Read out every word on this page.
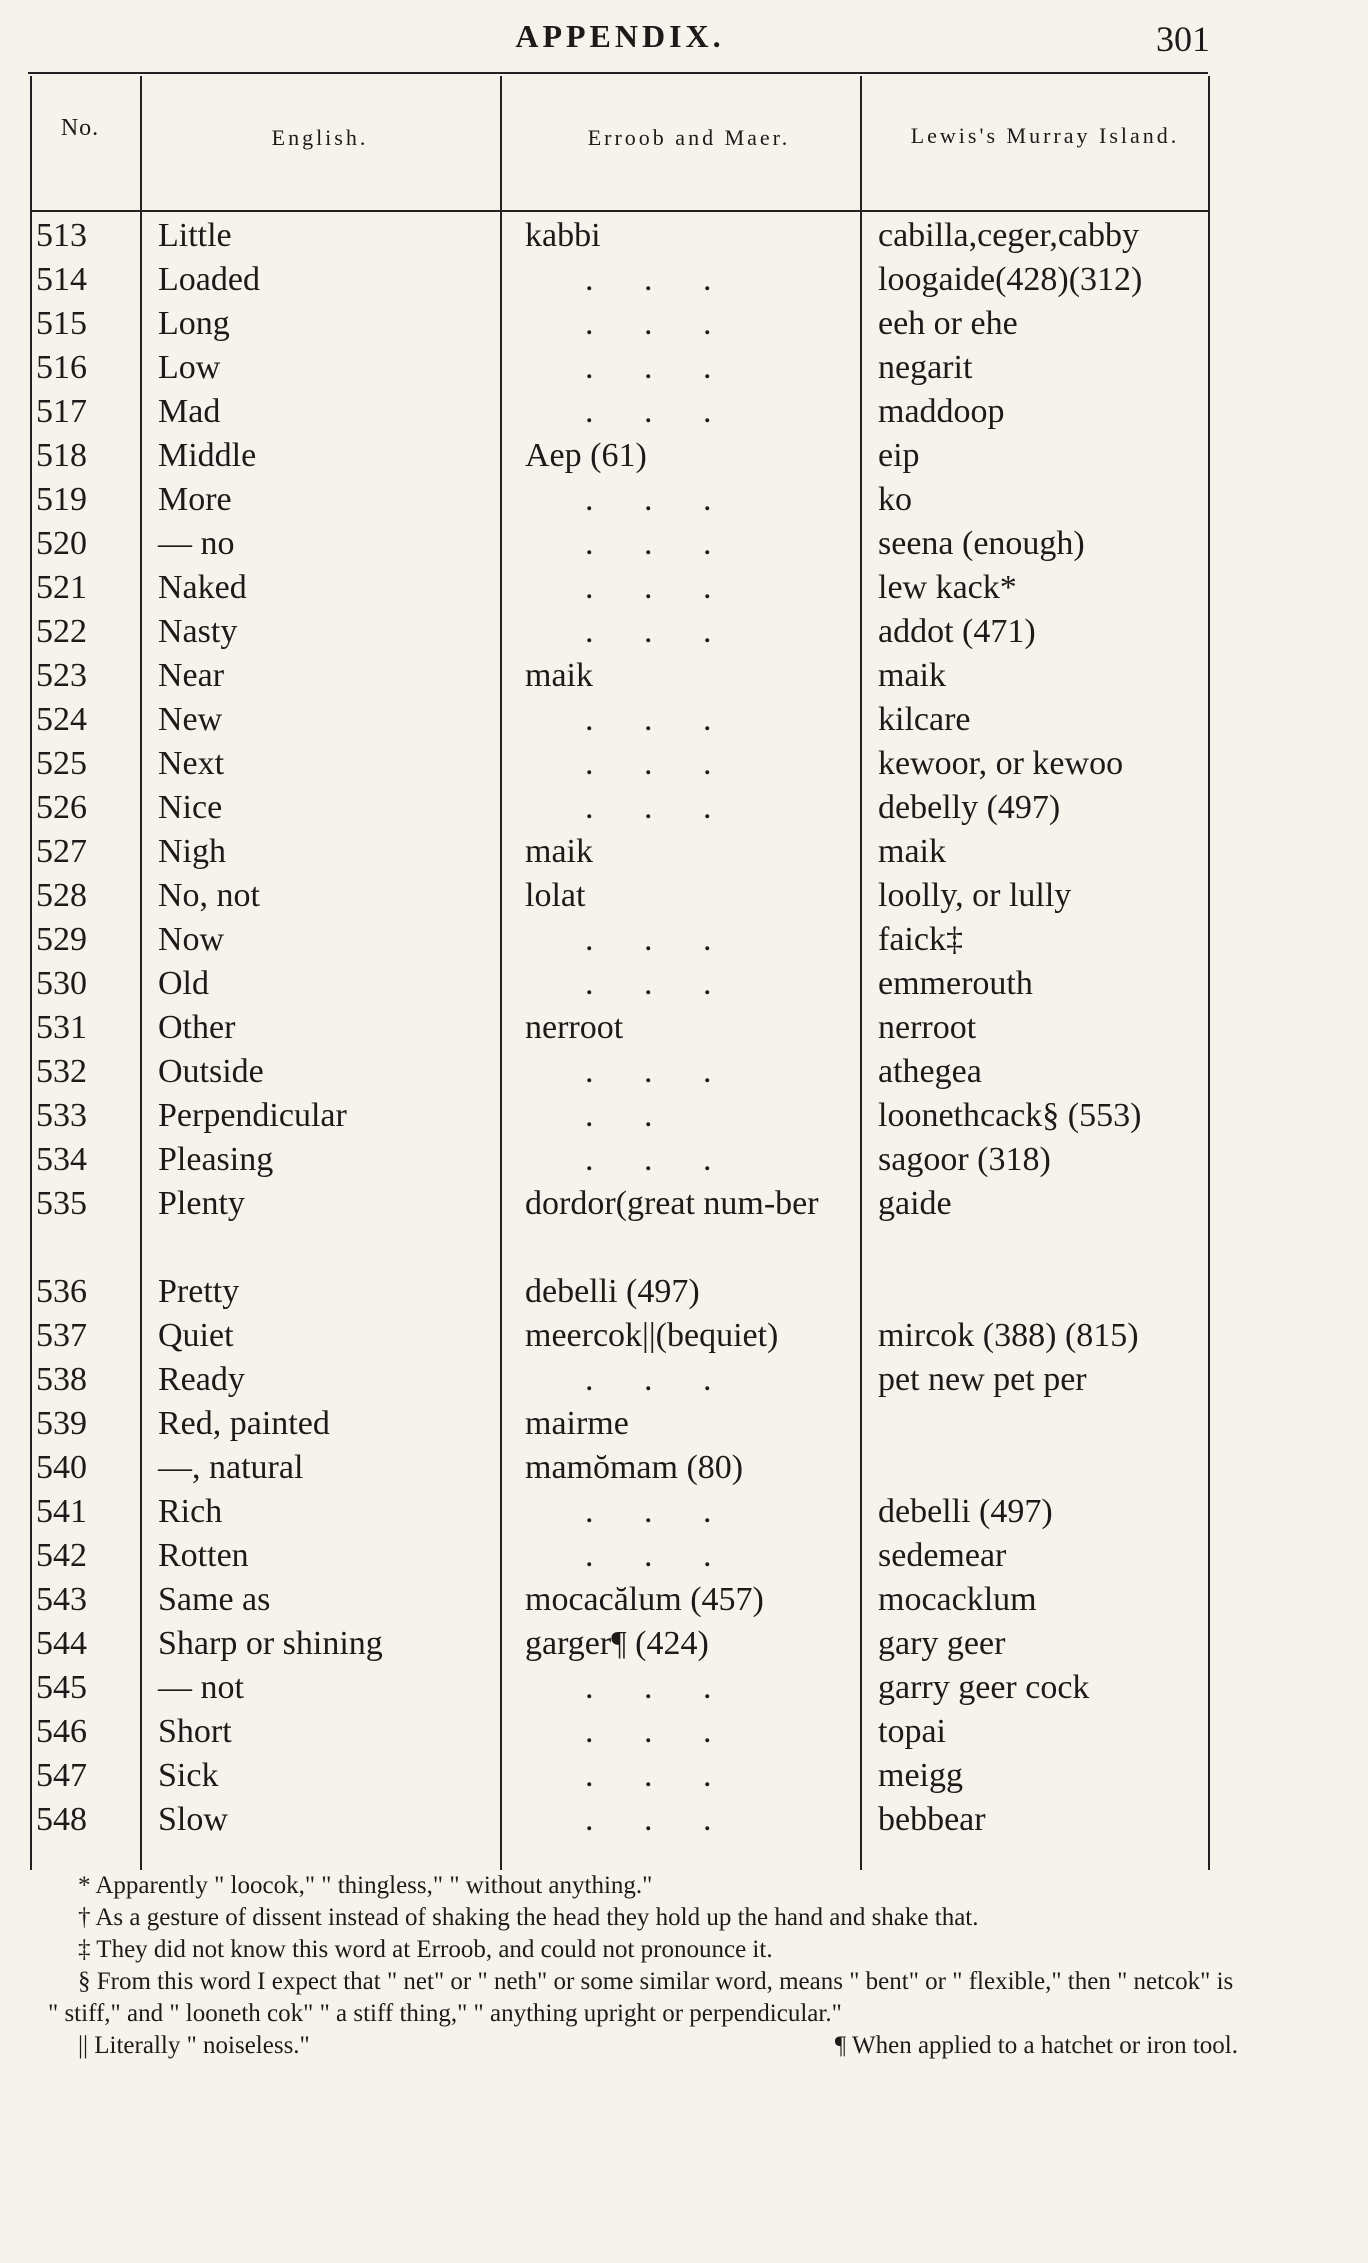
APPENDIX.	301
No.	English.	Erroob and Maer.	Lewis's Murray Island.
513	Little	kabbi	cabilla,ceger,cabby
514	Loaded	. . .	loogaide(428)(312)
515	Long	. . .	eeh or ehe
516	Low	. . .	negarit
517	Mad	. . .	maddoop
518	Middle	Aep (61)	eip
519	More	. . .	ko
520	— no	. . .	seena (enough)
521	Naked	. . .	lew kack*
522	Nasty	. . .	addot (471)
523	Near	maik	maik
524	New	. . .	kilcare
525	Next	. . .	kewoor, or kewoo
526	Nice	. . .	debelly (497)
527	Nigh	maik	maik
528	No, not	lolat	loolly, or lully
529	Now	. . .	faick‡
530	Old	. . .	emmerouth
531	Other	nerroot	nerroot
532	Outside	. . .	athegea
533	Perpendicular	. .	loonethcack§ (553)
534	Pleasing	. . .	sagoor (318)
535	Plenty	dordor(great num-ber	gaide
536	Pretty	debelli (497)
537	Quiet	meercok||(bequiet)	mircok (388) (815)
538	Ready	. . .	pet new pet per
539	Red, painted	mairme
540	—, natural	mamŏmam (80)
541	Rich	. . .	debelli (497)
542	Rotten	. . .	sedemear
543	Same as	mocacălum (457)	mocacklum
544	Sharp or shining	garger¶ (424)	gary geer
545	— not	. . .	garry geer cock
546	Short	. . .	topai
547	Sick	. . .	meigg
548	Slow	. . .	bebbear

* Apparently " loocok," " thingless," " without anything."

† As a gesture of dissent instead of shaking the head they hold up the hand and shake that.

‡ They did not know this word at Erroob, and could not pronounce it.

§ From this word I expect that " net" or " neth" or some similar word, means " bent" or " flexible," then " netcok" is " stiff," and " looneth cok" " a stiff thing," " anything upright or perpendicular."

|| Literally " noiseless."	¶ When applied to a hatchet or iron tool.
